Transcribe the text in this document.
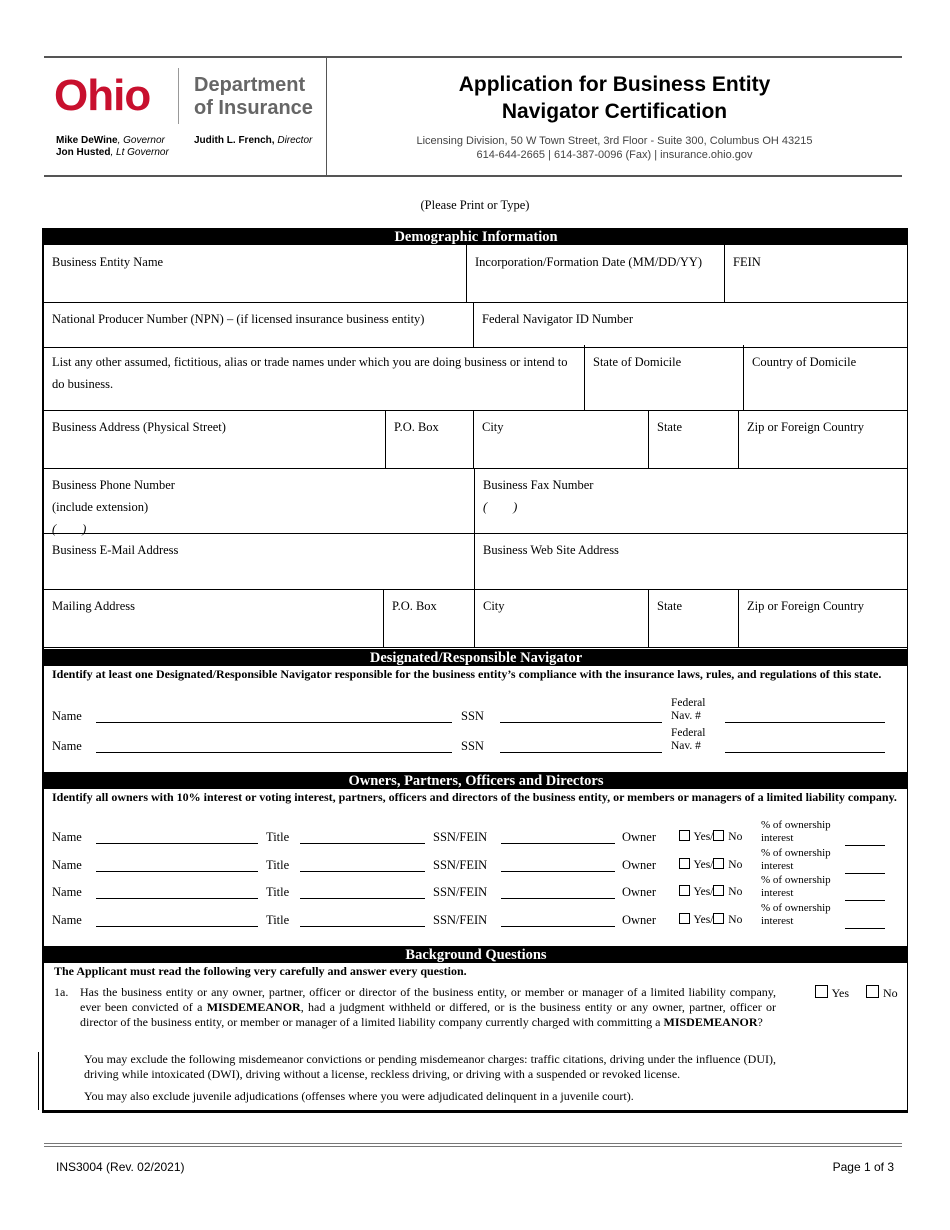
Ohio Department
of Insurance
Mike DeWine, Governor
Jon Husted, Lt Governor
Judith L. French, Director
Application for Business Entity
Navigator Certification
Licensing Division, 50 W Town Street, 3rd Floor - Suite 300, Columbus OH 43215
614-644-2665 | 614-387-0096 (Fax) | insurance.ohio.gov
(Please Print or Type)
Demographic Information
Business Entity Name	Incorporation/Formation Date (MM/DD/YY)	FEIN
National Producer Number (NPN) – (if licensed insurance business entity)	Federal Navigator ID Number
List any other assumed, fictitious, alias or trade names under which you are doing business or intend to
do business.
State of Domicile	Country of Domicile
Business Address (Physical Street)	P.O. Box	City	State	Zip or Foreign Country
Business Phone Number
(include extension)
( )
Business Fax Number
( )
Business E-Mail Address	Business Web Site Address
Mailing Address	P.O. Box	City	State	Zip or Foreign Country
Designated/Responsible Navigator
Identify at least one Designated/Responsible Navigator responsible for the business entity’s compliance with the insurance laws, rules, and regulations of this state.
Name	SSN
Federal
Nav. #
Name	SSN
Federal
Nav. #
Owners, Partners, Officers and Directors
Identify all owners with 10% interest or voting interest, partners, officers and directors of the business entity, or members or managers of a limited liability company.
Name	Title	SSN/FEIN	Owner	Yes/ No
% of ownership
interest
Name	Title	SSN/FEIN	Owner	Yes/ No
% of ownership
interest
Name	Title	SSN/FEIN	Owner	Yes/ No
% of ownership
interest
Name	Title	SSN/FEIN	Owner	Yes/ No
% of ownership
interest
Background Questions
The Applicant must read the following very carefully and answer every question.
1a. Has the business entity or any owner, partner, officer or director of the business entity, or member or manager of a limited liability company, ever been convicted of a MISDEMEANOR, had a judgment withheld or differed, or is the business entity or any owner, partner, officer or director of the business entity, or member or manager of a limited liability company currently charged with committing a MISDEMEANOR?
Yes	No
You may exclude the following misdemeanor convictions or pending misdemeanor charges: traffic citations, driving under the influence (DUI), driving while intoxicated (DWI), driving without a license, reckless driving, or driving with a suspended or revoked license.
You may also exclude juvenile adjudications (offenses where you were adjudicated delinquent in a juvenile court).
INS3004 (Rev. 02/2021)	Page 1 of 3
